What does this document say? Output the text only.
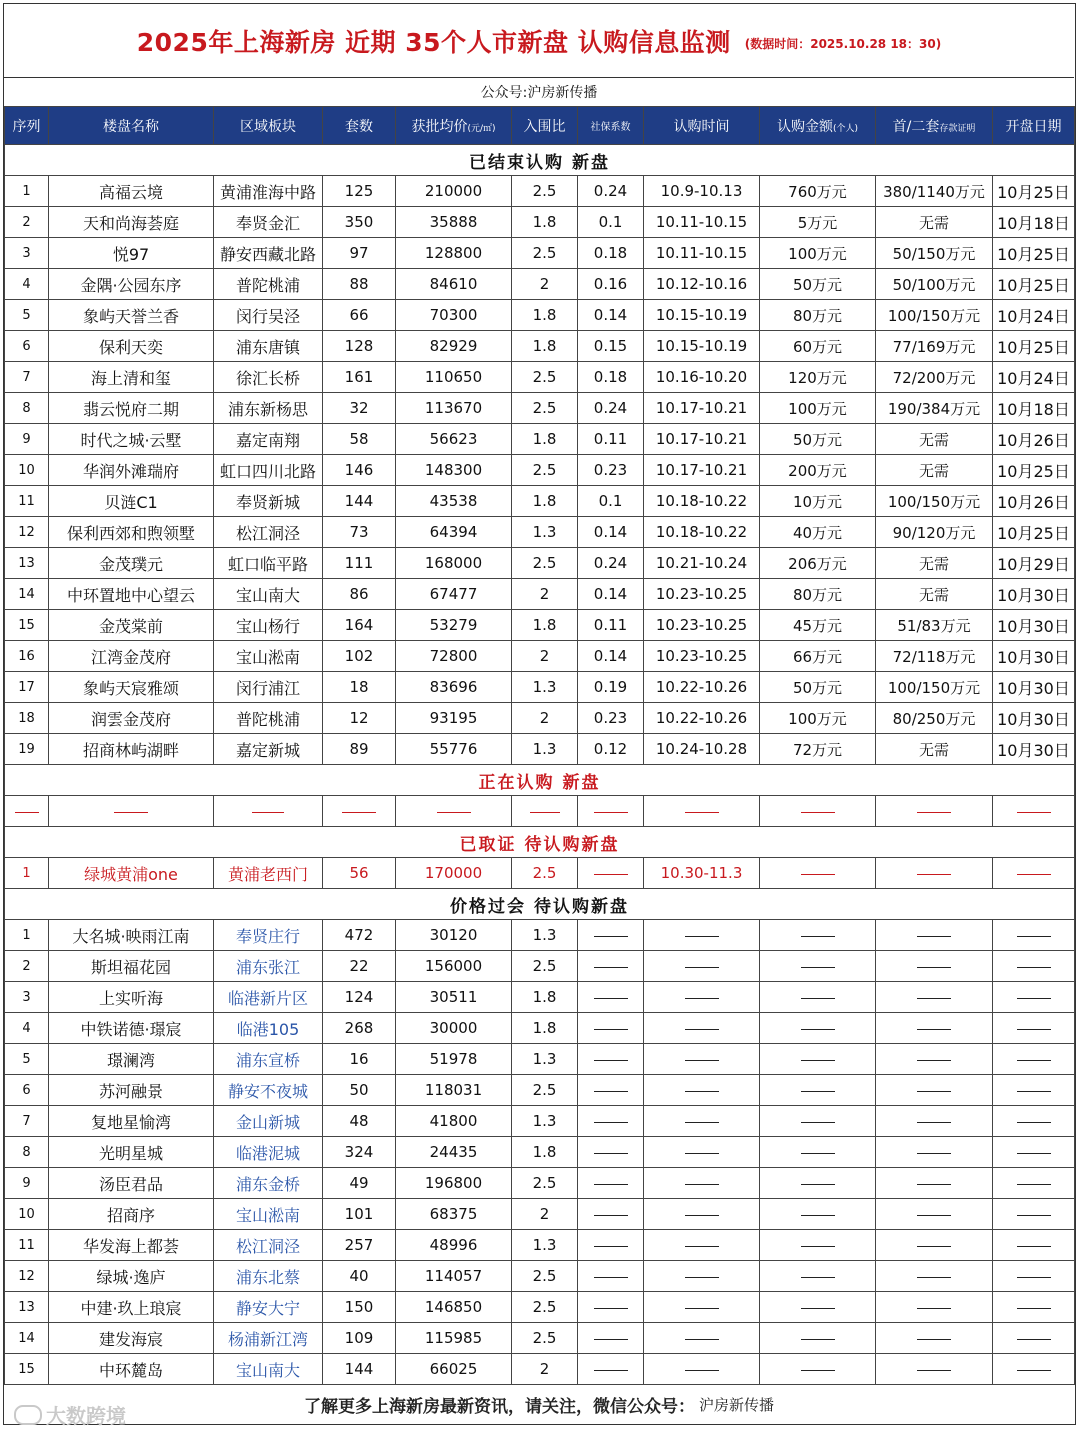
2025年上海新房 近期 35个人市新盘 认购信息监测 (数据时间：2025.10.28 18：30)
公众号:沪房新传播
序列	楼盘名称	区域板块	套数	获批均价(元/㎡)	入围比	社保系数	认购时间	认购金额(个人)	首/二套存款证明	开盘日期
已结束认购 新盘										
1	高福云境	黄浦淮海中路	125	210000	2.5	0.24	10.9-10.13	760万元	380/1140万元	10月25日
2	天和尚海荟庭	奉贤金汇	350	35888	1.8	0.1	10.11-10.15	5万元	无需	10月18日
3	悦97	静安西藏北路	97	128800	2.5	0.18	10.11-10.15	100万元	50/150万元	10月25日
4	金隅·公园东序	普陀桃浦	88	84610	2	0.16	10.12-10.16	50万元	50/100万元	10月25日
5	象屿天誉兰香	闵行吴泾	66	70300	1.8	0.14	10.15-10.19	80万元	100/150万元	10月24日
6	保利天奕	浦东唐镇	128	82929	1.8	0.15	10.15-10.19	60万元	77/169万元	10月25日
7	海上清和玺	徐汇长桥	161	110650	2.5	0.18	10.16-10.20	120万元	72/200万元	10月24日
8	翡云悦府二期	浦东新杨思	32	113670	2.5	0.24	10.17-10.21	100万元	190/384万元	10月18日
9	时代之城·云墅	嘉定南翔	58	56623	1.8	0.11	10.17-10.21	50万元	无需	10月26日
10	华润外滩瑞府	虹口四川北路	146	148300	2.5	0.23	10.17-10.21	200万元	无需	10月25日
11	贝涟C1	奉贤新城	144	43538	1.8	0.1	10.18-10.22	10万元	100/150万元	10月26日
12	保利西郊和煦领墅	松江洞泾	73	64394	1.3	0.14	10.18-10.22	40万元	90/120万元	10月25日
13	金茂璞元	虹口临平路	111	168000	2.5	0.24	10.21-10.24	206万元	无需	10月29日
14	中环置地中心望云	宝山南大	86	67477	2	0.14	10.23-10.25	80万元	无需	10月30日
15	金茂棠前	宝山杨行	164	53279	1.8	0.11	10.23-10.25	45万元	51/83万元	10月30日
16	江湾金茂府	宝山淞南	102	72800	2	0.14	10.23-10.25	66万元	72/118万元	10月30日
17	象屿天宸雅颂	闵行浦江	18	83696	1.3	0.19	10.22-10.26	50万元	100/150万元	10月30日
18	润雲金茂府	普陀桃浦	12	93195	2	0.23	10.22-10.26	100万元	80/250万元	10月30日
19	招商林屿湖畔	嘉定新城	89	55776	1.3	0.12	10.24-10.28	72万元	无需	10月30日
正在认购 新盘										

已取证 待认购新盘										
1	绿城黄浦one	黄浦老西门	56	170000	2.5		10.30-11.3			
价格过会 待认购新盘										
1	大名城·映雨江南	奉贤庄行	472	30120	1.3					
2	斯坦福花园	浦东张江	22	156000	2.5					
3	上实听海	临港新片区	124	30511	1.8					
4	中铁诺德·璟宸	临港105	268	30000	1.8					
5	璟澜湾	浦东宣桥	16	51978	1.3					
6	苏河融景	静安不夜城	50	118031	2.5					
7	复地星愉湾	金山新城	48	41800	1.3					
8	光明星城	临港泥城	324	24435	1.8					
9	汤臣君品	浦东金桥	49	196800	2.5					
10	招商序	宝山淞南	101	68375	2					
11	华发海上都荟	松江洞泾	257	48996	1.3					
12	绿城·逸庐	浦东北蔡	40	114057	2.5					
13	中建·玖上琅宸	静安大宁	150	146850	2.5					
14	建发海宸	杨浦新江湾	109	115985	2.5					
15	中环麓岛	宝山南大	144	66025	2					
了解更多上海新房最新资讯，请关注，微信公众号： 沪房新传播
大数跨境
